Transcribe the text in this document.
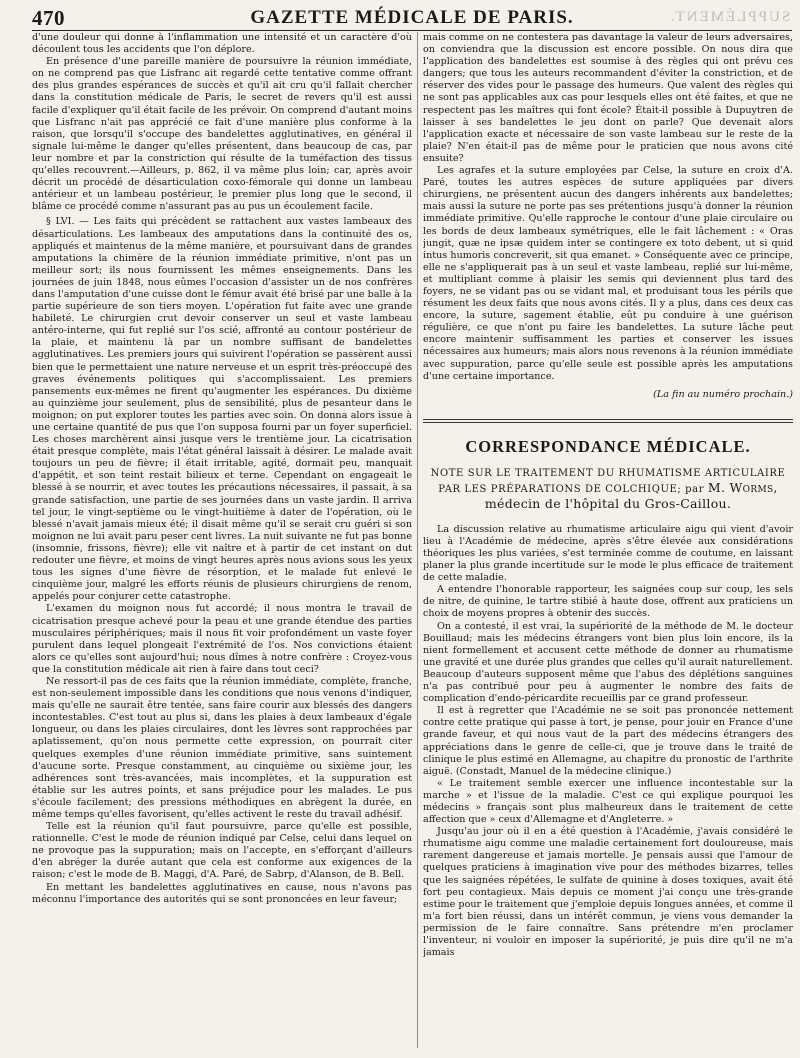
470	GAZETTE MÉDICALE DE PARIS.	SUPPLÉMENT.

d'une douleur qui donne à l'inflammation une intensité et un caractère d'où découlent tous les accidents que l'on déplore.

En présence d'une pareille manière de poursuivre la réunion immédiate, on ne comprend pas que Lisfranc ait regardé cette tentative comme offrant des plus grandes espérances de succès et qu'il ait cru qu'il fallait chercher dans la constitution médicale de Paris, le secret de revers qu'il est aussi facile d'expliquer qu'il était facile de les prévoir. On comprend d'autant moins que Lisfranc n'ait pas apprécié ce fait d'une manière plus conforme à la raison, que lorsqu'il s'occupe des bandelettes agglutinatives, en général il signale lui-même le danger qu'elles présentent, dans beaucoup de cas, par leur nombre et par la constriction qui résulte de la tuméfaction des tissus qu'elles recouvrent.—Ailleurs, p. 862, il va même plus loin; car, après avoir décrit un procédé de désarticulation coxo-fémorale qui donne un lambeau antérieur et un lambeau postérieur, le premier plus long que le second, il blâme ce procédé comme n'assurant pas au pus un écoulement facile.

§ LVI. — Les faits qui précèdent se rattachent aux vastes lambeaux des désarticulations. Les lambeaux des amputations dans la continuité des os, appliqués et maintenus de la même manière, et poursuivant dans de grandes amputations la chimère de la réunion immédiate primitive, n'ont pas un meilleur sort; ils nous fournissent les mêmes enseignements. Dans les journées de juin 1848, nous eûmes l'occasion d'assister un de nos confrères dans l'amputation d'une cuisse dont le fémur avait été brisé par une balle à la partie supérieure de son tiers moyen. L'opération fut faite avec une grande habileté. Le chirurgien crut devoir conserver un seul et vaste lambeau antéro-interne, qui fut replié sur l'os scié, affronté au contour postérieur de la plaie, et maintenu là par un nombre suffisant de bandelettes agglutinatives. Les premiers jours qui suivirent l'opération se passèrent aussi bien que le permettaient une nature nerveuse et un esprit très-préoccupé des graves événements politiques qui s'accomplissaient. Les premiers pansements eux-mêmes ne firent qu'augmenter les espérances. Du dixième au quinzième jour seulement, plus de sensibilité, plus de pesanteur dans le moignon; on put explorer toutes les parties avec soin. On donna alors issue à une certaine quantité de pus que l'on supposa fourni par un foyer superficiel. Les choses marchèrent ainsi jusque vers le trentième jour. La cicatrisation était presque complète, mais l'état général laissait à désirer. Le malade avait toujours un peu de fièvre; il était irritable, agité, dormait peu, manquait d'appétit, et son teint restait bilieux et terne. Cependant on engageait le blessé à se nourrir, et avec toutes les précautions nécessaires, il passait, à sa grande satisfaction, une partie de ses journées dans un vaste jardin. Il arriva tel jour, le vingt-septième ou le vingt-huitième à dater de l'opération, où le blessé n'avait jamais mieux été; il disait même qu'il se serait cru guéri si son moignon ne lui avait paru peser cent livres. La nuit suivante ne fut pas bonne (insomnie, frissons, fièvre); elle vit naître et à partir de cet instant on dut redouter une fièvre, et moins de vingt heures après nous avions sous les yeux tous les signes d'une fièvre de résorption, et le malade fut enlevé le cinquième jour, malgré les efforts réunis de plusieurs chirurgiens de renom, appelés pour conjurer cette catastrophe.

L'examen du moignon nous fut accordé; il nous montra le travail de cicatrisation presque achevé pour la peau et une grande étendue des parties musculaires périphériques; mais il nous fit voir profondément un vaste foyer purulent dans lequel plongeait l'extrémité de l'os. Nos convictions étaient alors ce qu'elles sont aujourd'hui; nous dîmes à notre confrère : Croyez-vous que la constitution médicale ait rien à faire dans tout ceci?

Ne ressort-il pas de ces faits que la réunion immédiate, complète, franche, est non-seulement impossible dans les conditions que nous venons d'indiquer, mais qu'elle ne saurait être tentée, sans faire courir aux blessés des dangers incontestables. C'est tout au plus si, dans les plaies à deux lambeaux d'égale longueur, ou dans les plaies circulaires, dont les lèvres sont rapprochées par aplatissement, qu'on nous permette cette expression, on pourrait citer quelques exemples d'une réunion immédiate primitive, sans suintement d'aucune sorte. Presque constamment, au cinquième ou sixième jour, les adhérences sont très-avancées, mais incomplètes, et la suppuration est établie sur les autres points, et sans préjudice pour les malades. Le pus s'écoule facilement; des pressions méthodiques en abrègent la durée, en même temps qu'elles favorisent, qu'elles activent le reste du travail adhésif.

Telle est la réunion qu'il faut poursuivre, parce qu'elle est possible, rationnelle. C'est le mode de réunion indiqué par Celse, celui dans lequel on ne provoque pas la suppuration; mais on l'accepte, en s'efforçant d'ailleurs d'en abréger la durée autant que cela est conforme aux exigences de la raison; c'est le mode de B. Maggi, d'A. Paré, de Sabrp, d'Alanson, de B. Bell.

En mettant les bandelettes agglutinatives en cause, nous n'avons pas méconnu l'importance des autorités qui se sont prononcées en leur faveur;

mais comme on ne contestera pas davantage la valeur de leurs adversaires, on conviendra que la discussion est encore possible. On nous dira que l'application des bandelettes est soumise à des règles qui ont prévu ces dangers; que tous les auteurs recommandent d'éviter la constriction, et de réserver des vides pour le passage des humeurs. Que valent des règles qui ne sont pas applicables aux cas pour lesquels elles ont été faites, et que ne respectent pas les maîtres qui font école? Était-il possible à Dupuytren de laisser à ses bandelettes le jeu dont on parle? Que devenait alors l'application exacte et nécessaire de son vaste lambeau sur le reste de la plaie? N'en était-il pas de même pour le praticien que nous avons cité ensuite?

Les agrafes et la suture employées par Celse, la suture en croix d'A. Paré, toutes les autres espèces de suture appliquées par divers chirurgiens, ne présentent aucun des dangers inhérents aux bandelettes; mais aussi la suture ne porte pas ses prétentions jusqu'à donner la réunion immédiate primitive. Qu'elle rapproche le contour d'une plaie circulaire ou les bords de deux lambeaux symétriques, elle le fait lâchement : « Oras jungit, quæ ne ipsæ quidem inter se contingere ex toto debent, ut si quid intus humoris concreverit, sit qua emanet. » Conséquente avec ce principe, elle ne s'appliquerait pas à un seul et vaste lambeau, replié sur lui-même, et multipliant comme à plaisir les semis qui deviennent plus tard des foyers, ne se vidant pas ou se vidant mal, et produisant tous les périls que résument les deux faits que nous avons cités. Il y a plus, dans ces deux cas encore, la suture, sagement établie, eût pu conduire à une guérison régulière, ce que n'ont pu faire les bandelettes. La suture lâche peut encore maintenir suffisamment les parties et conserver les issues nécessaires aux humeurs; mais alors nous revenons à la réunion immédiate avec suppuration, parce qu'elle seule est possible après les amputations d'une certaine importance.

(La fin au numéro prochain.)
CORRESPONDANCE MÉDICALE.
NOTE SUR LE TRAITEMENT DU RHUMATISME ARTICULAIRE PAR LES PRÉPARATIONS DE COLCHIQUE; par M. Worms,
médecin de l'hôpital du Gros-Caillou.

La discussion relative au rhumatisme articulaire aigu qui vient d'avoir lieu à l'Académie de médecine, après s'être élevée aux considérations théoriques les plus variées, s'est terminée comme de coutume, en laissant planer la plus grande incertitude sur le mode le plus efficace de traitement de cette maladie.

A entendre l'honorable rapporteur, les saignées coup sur coup, les sels de nitre, de quinine, le tartre stibié à haute dose, offrent aux praticiens un choix de moyens propres à obtenir des succès.

On a contesté, il est vrai, la supériorité de la méthode de M. le docteur Bouillaud; mais les médecins étrangers vont bien plus loin encore, ils la nient formellement et accusent cette méthode de donner au rhumatisme une gravité et une durée plus grandes que celles qu'il aurait naturellement. Beaucoup d'auteurs supposent même que l'abus des déplétions sanguines n'a pas contribué pour peu à augmenter le nombre des faits de complication d'endo-péricardite recueillis par ce grand professeur.

Il est à regretter que l'Académie ne se soit pas prononcée nettement contre cette pratique qui passe à tort, je pense, pour jouir en France d'une grande faveur, et qui nous vaut de la part des médecins étrangers des appréciations dans le genre de celle-ci, que je trouve dans le traité de clinique le plus estimé en Allemagne, au chapitre du pronostic de l'arthrite aiguë. (Constadt, Manuel de la médecine clinique.)

« Le traitement semble exercer une influence incontestable sur la marche » et l'issue de la maladie. C'est ce qui explique pourquoi les médecins » français sont plus malheureux dans le traitement de cette affection que » ceux d'Allemagne et d'Angleterre. »

Jusqu'au jour où il en a été question à l'Académie, j'avais considéré le rhumatisme aigu comme une maladie certainement fort douloureuse, mais rarement dangereuse et jamais mortelle. Je pensais aussi que l'amour de quelques praticiens à imagination vive pour des méthodes bizarres, telles que les saignées répétées, le sulfate de quinine à doses toxiques, avait été fort peu contagieux. Mais depuis ce moment j'ai conçu une très-grande estime pour le traitement que j'emploie depuis longues années, et comme il m'a fort bien réussi, dans un intérêt commun, je viens vous demander la permission de le faire connaître. Sans prétendre m'en proclamer l'inventeur, ni vouloir en imposer la supériorité, je puis dire qu'il ne m'a jamais
